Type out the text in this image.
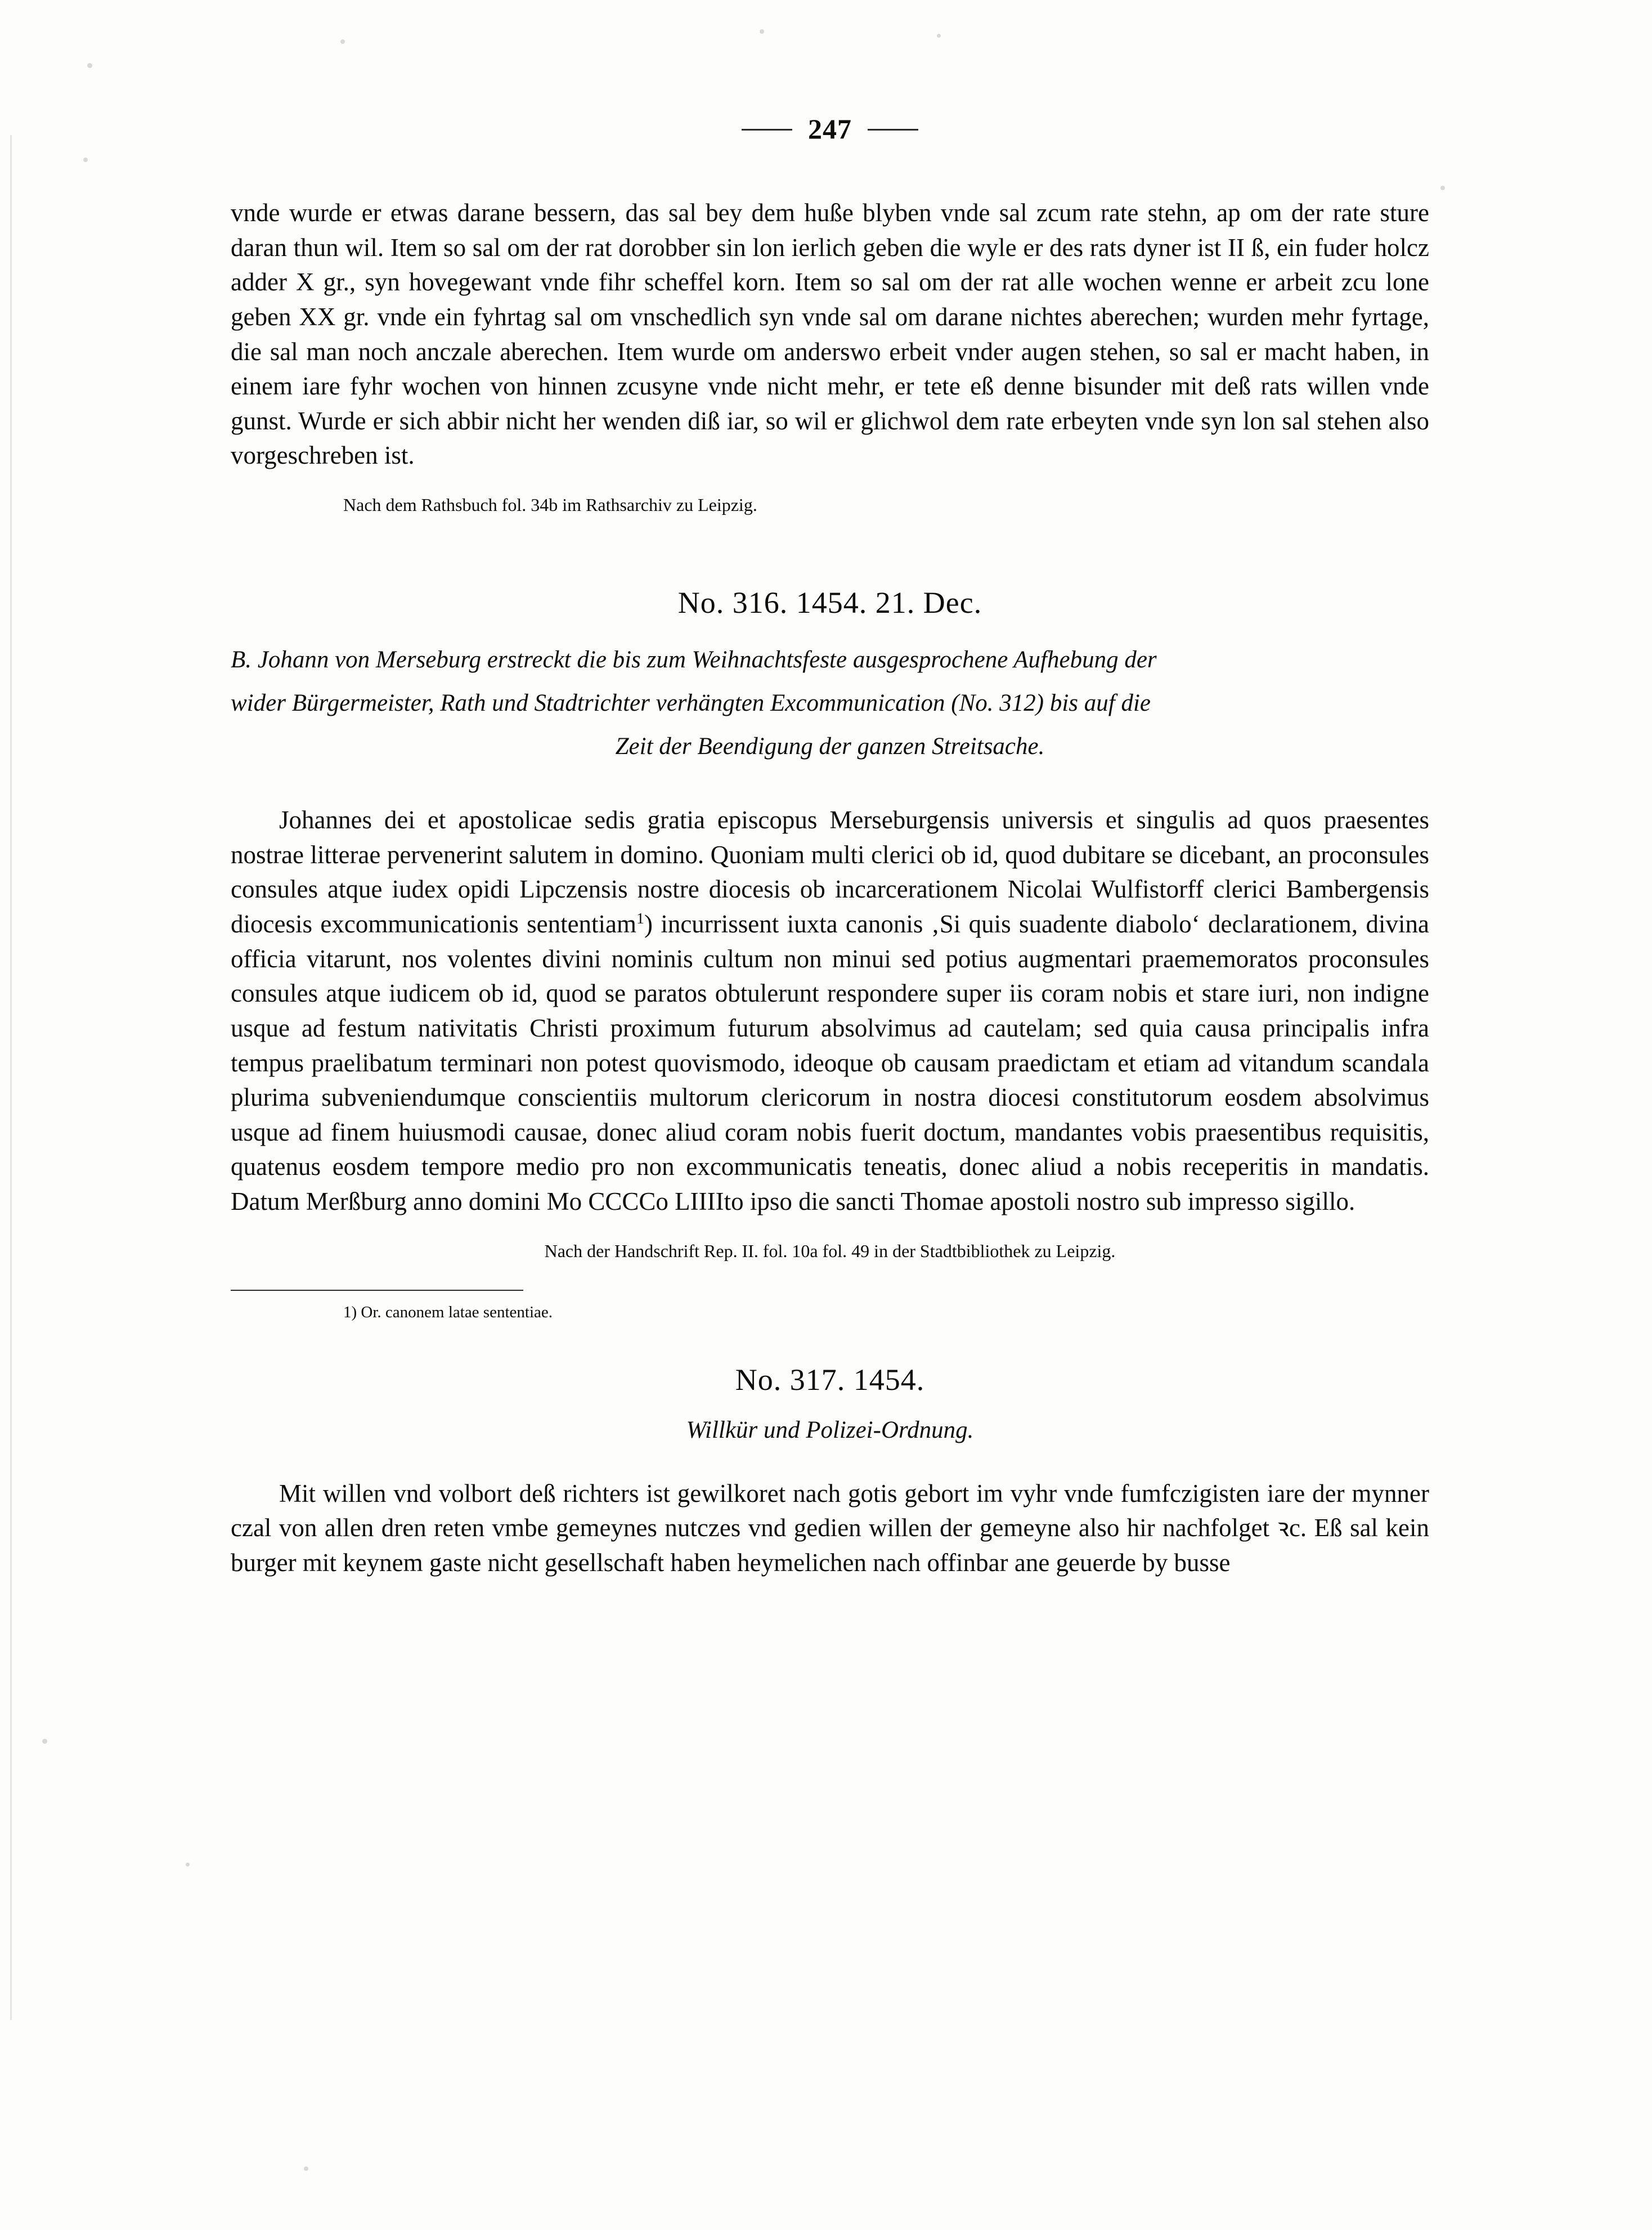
247

vnde wurde er etwas darane bessern, das sal bey dem huße blyben vnde sal zcum rate stehn, ap om der rate sture daran thun wil. Item so sal om der rat dorobber sin lon ierlich geben die wyle er des rats dyner ist II ß, ein fuder holcz adder X gr., syn hovegewant vnde fihr scheffel korn. Item so sal om der rat alle wochen wenne er arbeit zcu lone geben XX gr. vnde ein fyhrtag sal om vnschedlich syn vnde sal om darane nichtes aberechen; wurden mehr fyrtage, die sal man noch anczale aberechen. Item wurde om anderswo erbeit vnder augen stehen, so sal er macht haben, in einem iare fyhr wochen von hinnen zcusyne vnde nicht mehr, er tete eß denne bisunder mit deß rats willen vnde gunst. Wurde er sich abbir nicht her wenden diß iar, so wil er glichwol dem rate erbeyten vnde syn lon sal stehen also vorgeschreben ist.

Nach dem Rathsbuch fol. 34b im Rathsarchiv zu Leipzig.

No. 316. 1454. 21. Dec.

B. Johann von Merseburg erstreckt die bis zum Weihnachtsfeste ausgesprochene Aufhebung der

wider Bürgermeister, Rath und Stadtrichter verhängten Excommunication (No. 312) bis auf die

Zeit der Beendigung der ganzen Streitsache.

Johannes dei et apostolicae sedis gratia episcopus Merseburgensis universis et singulis ad quos praesentes nostrae litterae pervenerint salutem in domino. Quoniam multi clerici ob id, quod dubitare se dicebant, an proconsules consules atque iudex opidi Lipczensis nostre diocesis ob incarcerationem Nicolai Wulfistorff clerici Bambergensis diocesis excommunicationis sententiam$^1$) incurrissent iuxta canonis ‚Si quis suadente diabolo‘ declarationem, divina officia vitarunt, nos volentes divini nominis cultum non minui sed potius augmentari praememoratos proconsules consules atque iudicem ob id, quod se paratos obtulerunt respondere super iis coram nobis et stare iuri, non indigne usque ad festum nativitatis Christi proximum futurum absolvimus ad cautelam; sed quia causa principalis infra tempus praelibatum terminari non potest quovismodo, ideoque ob causam praedictam et etiam ad vitandum scandala plurima subveniendumque conscientiis multorum clericorum in nostra diocesi constitutorum eosdem absolvimus usque ad finem huiusmodi causae, donec aliud coram nobis fuerit doctum, mandantes vobis praesentibus requisitis, quatenus eosdem tempore medio pro non excommunicatis teneatis, donec aliud a nobis receperitis in mandatis. Datum Merßburg anno domini Mo CCCCo LIIIIto ipso die sancti Thomae apostoli nostro sub impresso sigillo.

Nach der Handschrift Rep. II. fol. 10a fol. 49 in der Stadtbibliothek zu Leipzig.

1) Or. canonem latae sententiae.

No. 317. 1454.

Willkür und Polizei-Ordnung.

Mit willen vnd volbort deß richters ist gewilkoret nach gotis gebort im vyhr vnde fumfczigisten iare der mynner czal von allen dren reten vmbe gemeynes nutczes vnd gedien willen der gemeyne also hir nachfolget ꝛc. Eß sal kein burger mit keynem gaste nicht gesellschaft haben heymelichen nach offinbar ane geuerde by busse
